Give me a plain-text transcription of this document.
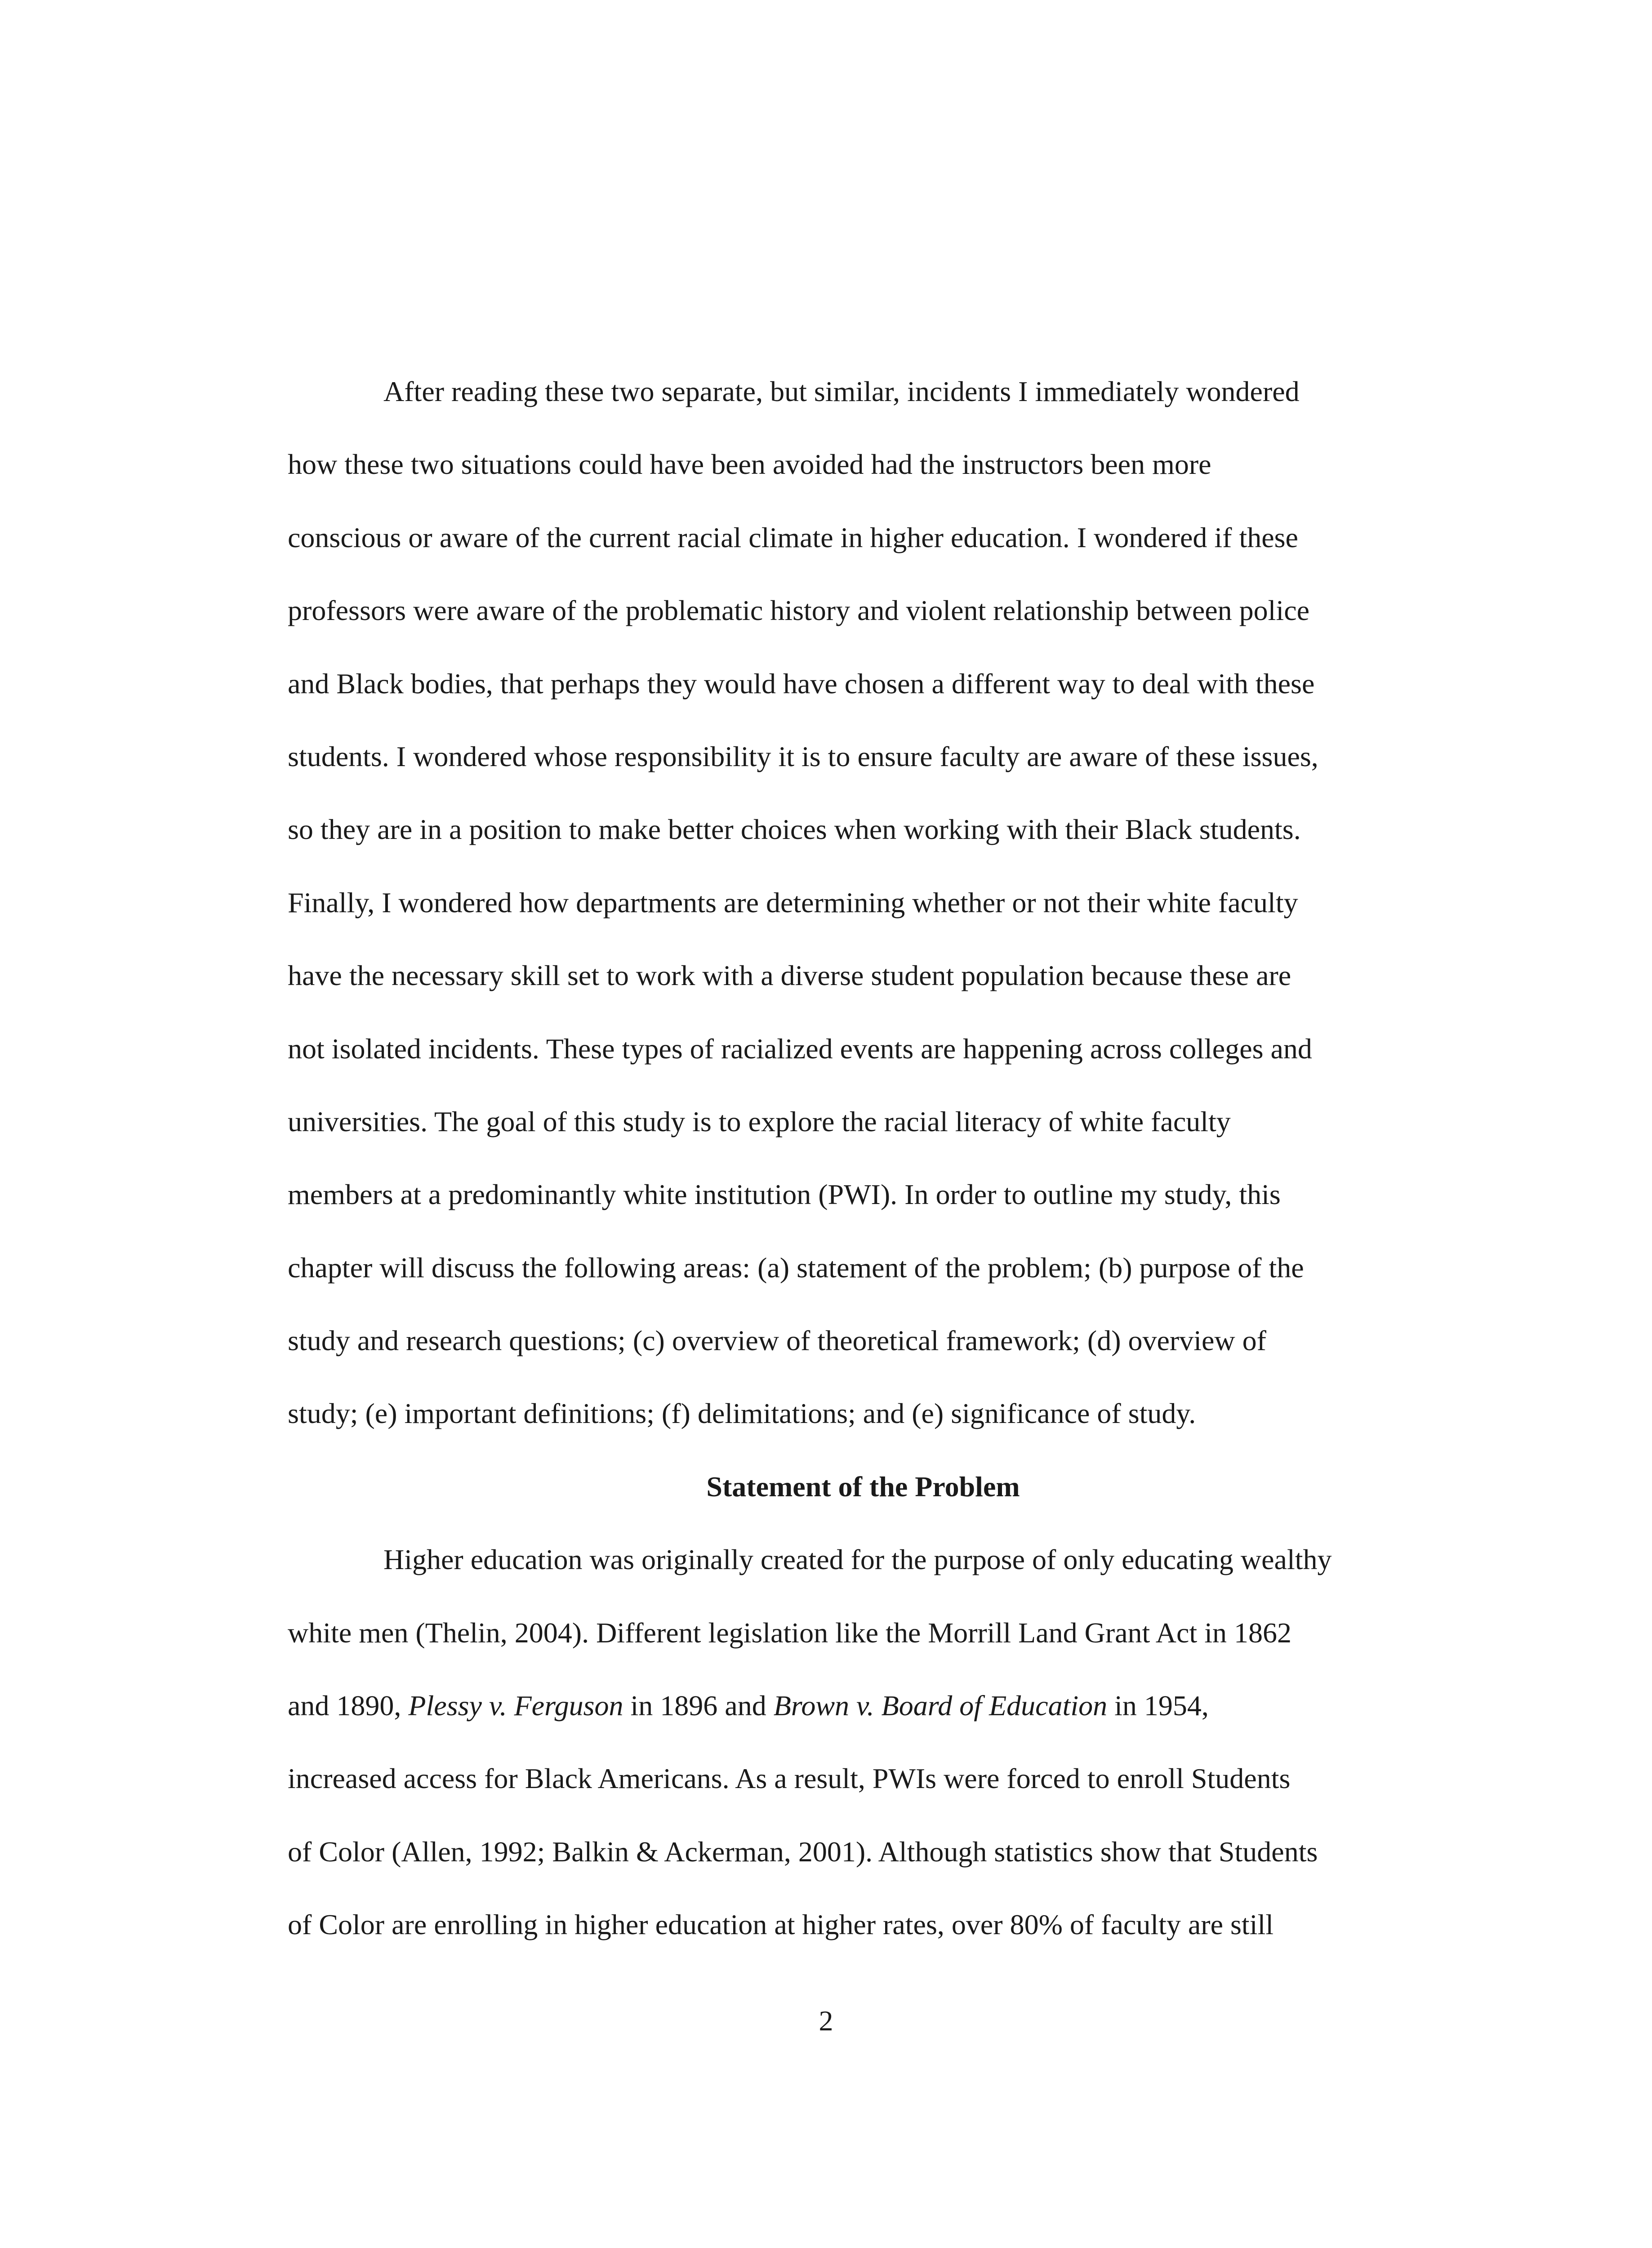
After reading these two separate, but similar, incidents I immediately wondered
how these two situations could have been avoided had the instructors been more
conscious or aware of the current racial climate in higher education. I wondered if these
professors were aware of the problematic history and violent relationship between police
and Black bodies, that perhaps they would have chosen a different way to deal with these
students. I wondered whose responsibility it is to ensure faculty are aware of these issues,
so they are in a position to make better choices when working with their Black students.
Finally, I wondered how departments are determining whether or not their white faculty
have the necessary skill set to work with a diverse student population because these are
not isolated incidents. These types of racialized events are happening across colleges and
universities. The goal of this study is to explore the racial literacy of white faculty
members at a predominantly white institution (PWI). In order to outline my study, this
chapter will discuss the following areas: (a) statement of the problem; (b) purpose of the
study and research questions; (c) overview of theoretical framework; (d) overview of
study; (e) important definitions; (f) delimitations; and (e) significance of study.
Statement of the Problem
Higher education was originally created for the purpose of only educating wealthy
white men (Thelin, 2004). Different legislation like the Morrill Land Grant Act in 1862
and 1890, Plessy v. Ferguson in 1896 and Brown v. Board of Education in 1954,
increased access for Black Americans. As a result, PWIs were forced to enroll Students
of Color (Allen, 1992; Balkin & Ackerman, 2001). Although statistics show that Students
of Color are enrolling in higher education at higher rates, over 80% of faculty are still
2
